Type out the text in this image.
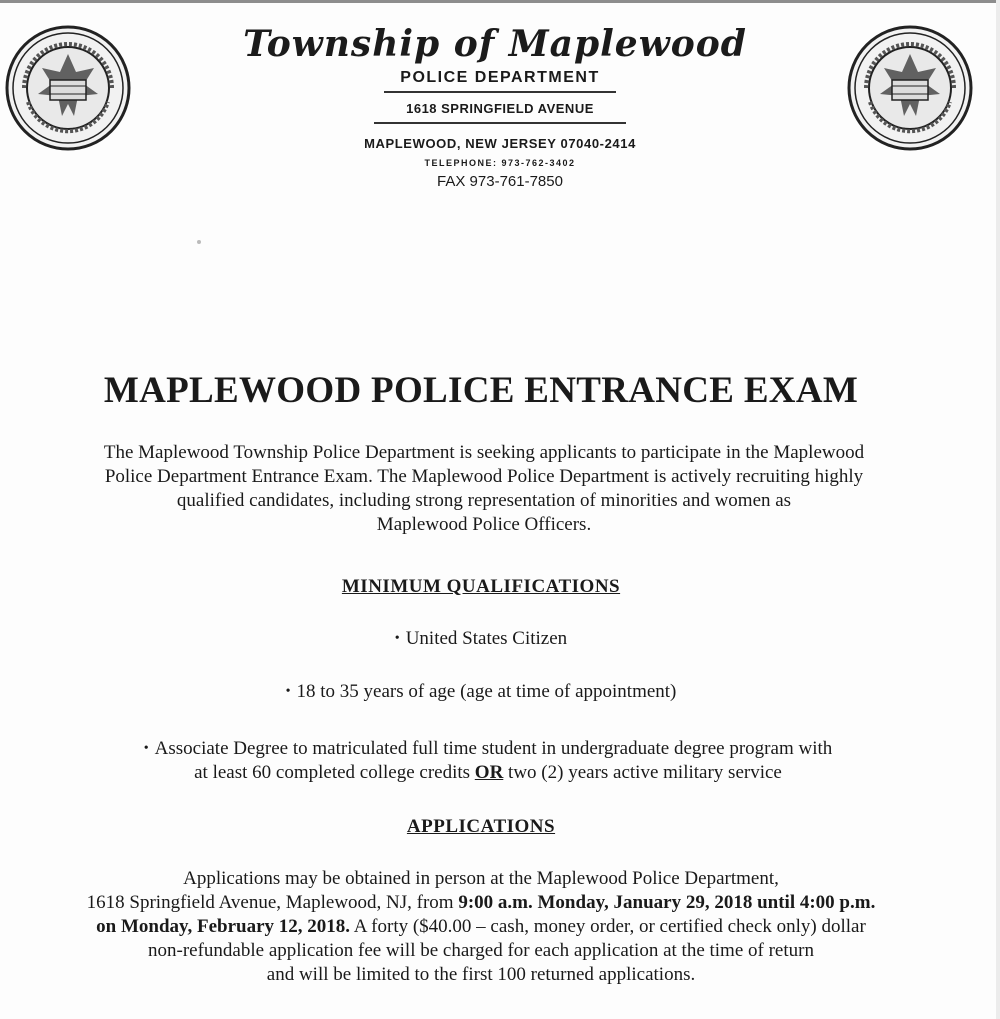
Township of Maplewood
POLICE DEPARTMENT
1618 SPRINGFIELD AVENUE
MAPLEWOOD, NEW JERSEY 07040-2414
TELEPHONE: 973-762-3402
FAX 973-761-7850
MAPLEWOOD POLICE ENTRANCE EXAM
The Maplewood Township Police Department is seeking applicants to participate in the Maplewood
Police Department Entrance Exam. The Maplewood Police Department is actively recruiting highly
qualified candidates, including strong representation of minorities and women as
Maplewood Police Officers.
MINIMUM QUALIFICATIONS
• United States Citizen
• 18 to 35 years of age (age at time of appointment)
• Associate Degree to matriculated full time student in undergraduate degree program with
at least 60 completed college credits OR two (2) years active military service
APPLICATIONS
Applications may be obtained in person at the Maplewood Police Department,
1618 Springfield Avenue, Maplewood, NJ, from 9:00 a.m. Monday, January 29, 2018 until 4:00 p.m.
on Monday, February 12, 2018. A forty ($40.00 – cash, money order, or certified check only) dollar
non-refundable application fee will be charged for each application at the time of return
and will be limited to the first 100 returned applications.
